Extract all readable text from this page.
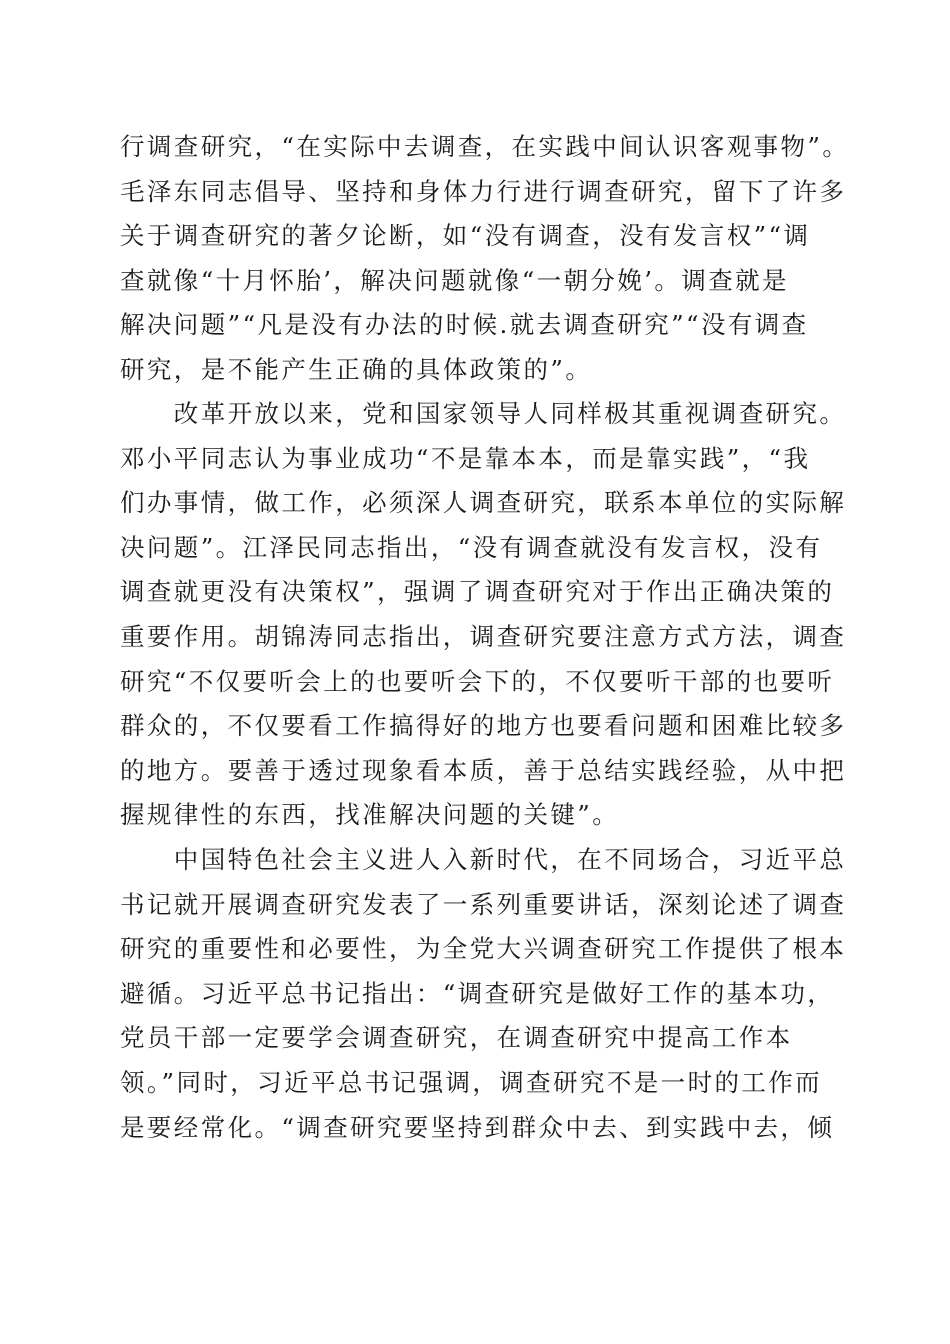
行调查研究，“在实际中去调查，在实践中间认识客观事物”。
毛泽东同志倡导、坚持和身体力行进行调查研究，留下了许多
关于调查研究的著夕论断，如“没有调查，没有发言权”“调
查就像“十月怀胎’，解决问题就像“一朝分娩’。调查就是
解决问题”“凡是没有办法的时候.就去调查研究”“没有调查
研究，是不能产生正确的具体政策的”。
　　改革开放以来，党和国家领导人同样极其重视调查研究。
邓小平同志认为事业成功“不是靠本本，而是靠实践”，“我
们办事情，做工作，必须深人调查研究，联系本单位的实际解
决问题”。江泽民同志指出，“没有调查就没有发言权，没有
调查就更没有决策权”，强调了调查研究对于作出正确决策的
重要作用。胡锦涛同志指出，调查研究要注意方式方法，调查
研究“不仅要听会上的也要听会下的，不仅要听干部的也要听
群众的，不仅要看工作搞得好的地方也要看问题和困难比较多
的地方。要善于透过现象看本质，善于总结实践经验，从中把
握规律性的东西，找准解决问题的关键”。
　　中国特色社会主义进人入新时代，在不同场合，习近平总
书记就开展调查研究发表了一系列重要讲话，深刻论述了调查
研究的重要性和必要性，为全党大兴调查研究工作提供了根本
避循。习近平总书记指出：“调查研究是做好工作的基本功，
党员干部一定要学会调查研究，在调查研究中提高工作本
领。”同时，习近平总书记强调，调查研究不是一时的工作而
是要经常化。“调查研究要坚持到群众中去、到实践中去，倾
